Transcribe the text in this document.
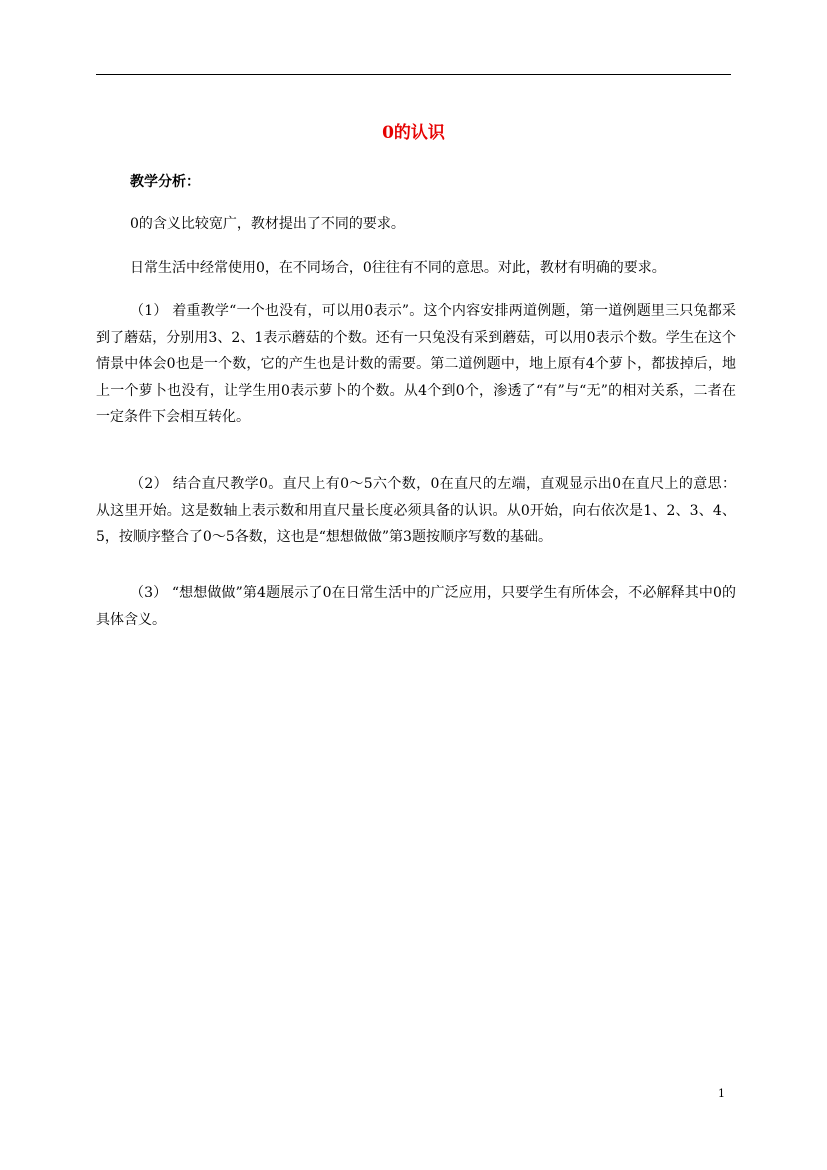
0的认识
教学分析：

0的含义比较宽广，教材提出了不同的要求。

日常生活中经常使用0，在不同场合，0往往有不同的意思。对此，教材有明确的要求。

（1） 着重教学“一个也没有，可以用0表示”。这个内容安排两道例题，第一道例题里三只兔都采到了蘑菇，分别用3、2、1表示蘑菇的个数。还有一只兔没有采到蘑菇，可以用0表示个数。学生在这个情景中体会0也是一个数，它的产生也是计数的需要。第二道例题中，地上原有4个萝卜，都拔掉后，地上一个萝卜也没有，让学生用0表示萝卜的个数。从4个到0个，渗透了“有”与“无”的相对关系，二者在一定条件下会相互转化。

（2） 结合直尺教学0。直尺上有0～5六个数，0在直尺的左端，直观显示出0在直尺上的意思： 从这里开始。这是数轴上表示数和用直尺量长度必须具备的认识。从0开始，向右依次是1、2、3、4、5，按顺序整合了0～5各数，这也是“想想做做”第3题按顺序写数的基础。

（3） “想想做做”第4题展示了0在日常生活中的广泛应用，只要学生有所体会，不必解释其中0的具体含义。

1
